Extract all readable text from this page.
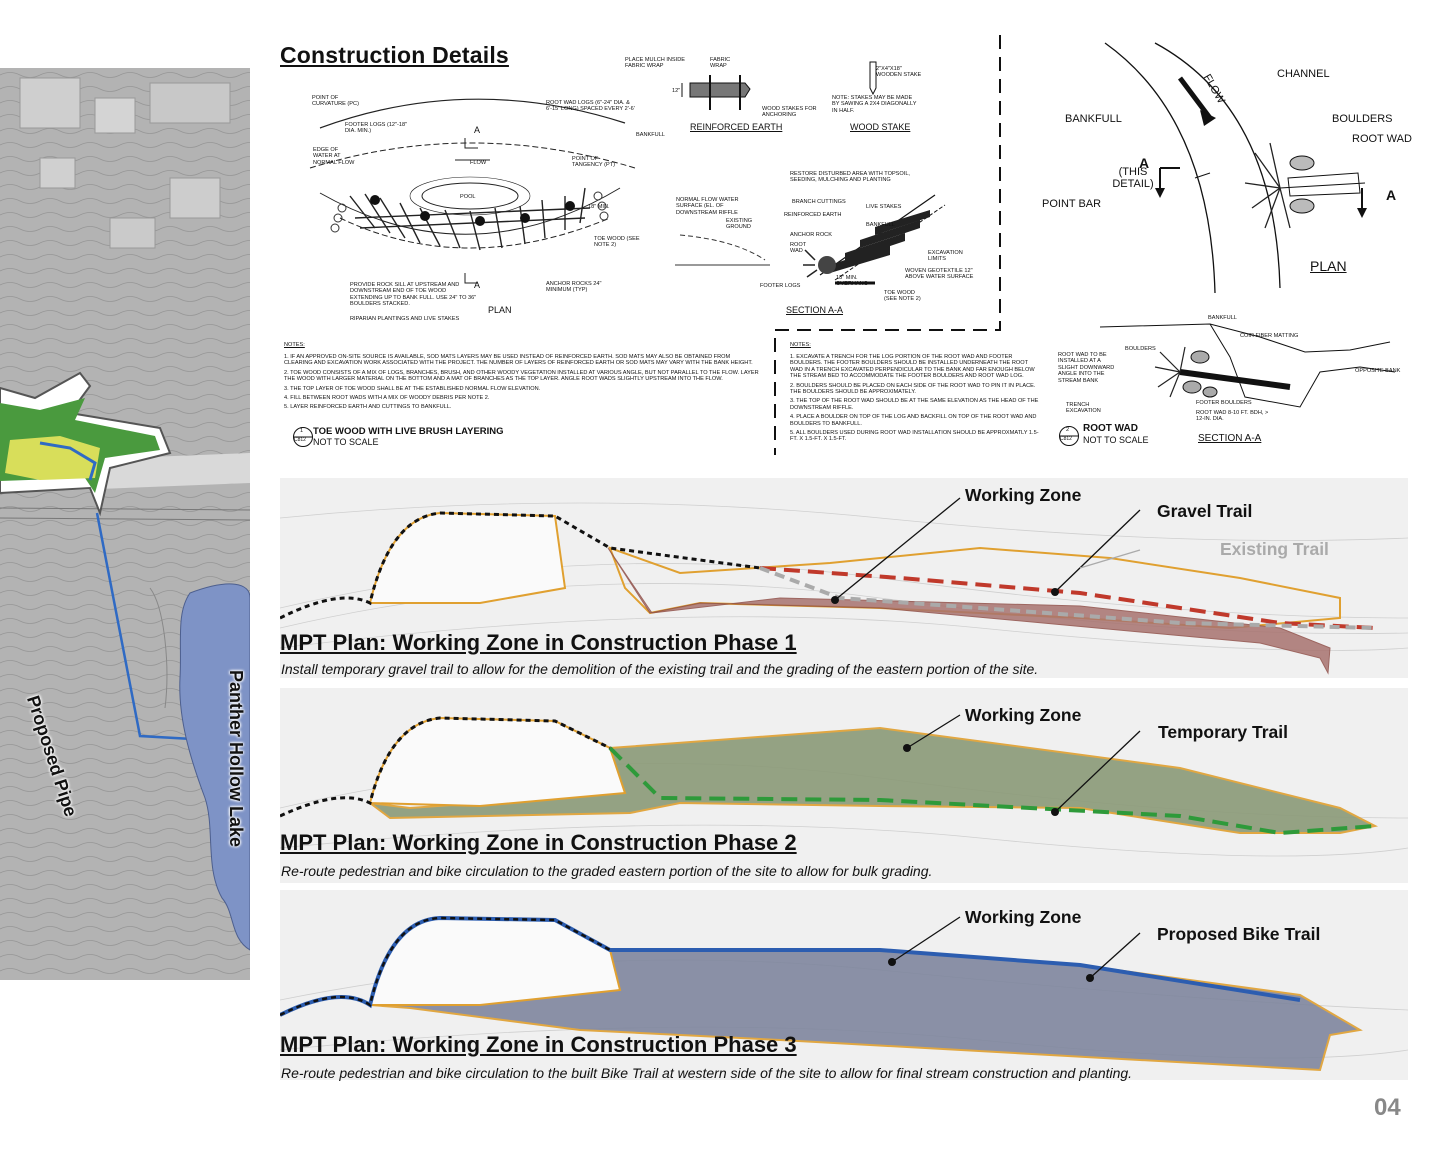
Proposed Pipe	Panther Hollow Lake
Construction Details
POINT OF CURVATURE (PC)
FOOTER LOGS (12"-18" DIA. MIN.)
EDGE OF WATER AT NORMAL FLOW
ROOT WAD LOGS (6"-24" DIA. & 6'-15' LONG) SPACED EVERY 2'-6'
BANKFULL
FLOW
POINT OF TANGENCY (PT)
POOL
18" MIN.
TOE WOOD (SEE NOTE 2)
PROVIDE ROCK SILL AT UPSTREAM AND DOWNSTREAM END OF TOE WOOD EXTENDING UP TO BANK FULL. USE 24" TO 36" BOULDERS STACKED.
ANCHOR ROCKS 24" MINIMUM (TYP)
RIPARIAN PLANTINGS AND LIVE STAKES
PLAN
A
A
PLACE MULCH INSIDE FABRIC WRAP
FABRIC WRAP
WOOD STAKES FOR ANCHORING
12"
REINFORCED EARTH
2"X4"X18" WOODEN STAKE
NOTE: STAKES MAY BE MADE BY SAWING A 2X4 DIAGONALLY IN HALF.
WOOD STAKE
RESTORE DISTURBED AREA WITH TOPSOIL, SEEDING, MULCHING AND PLANTING
NORMAL FLOW WATER SURFACE (EL. OF DOWNSTREAM RIFFLE
EXISTING GROUND
BRANCH CUTTINGS
LIVE STAKES
REINFORCED EARTH
BANKFULL
ANCHOR ROCK
ROOT WAD	EXCAVATION LIMITS
WOVEN GEOTEXTILE 12" ABOVE WATER SURFACE
18" MIN. OVERHANG
FOOTER LOGS
TOE WOOD (SEE NOTE 2)
SECTION A-A
NOTES:

1. IF AN APPROVED ON-SITE SOURCE IS AVAILABLE, SOD MATS LAYERS MAY BE USED INSTEAD OF REINFORCED EARTH. SOD MATS MAY ALSO BE OBTAINED FROM CLEARING AND EXCAVATION WORK ASSOCIATED WITH THE PROJECT. THE NUMBER OF LAYERS OF REINFORCED EARTH OR SOD MATS MAY VARY WITH THE BANK HEIGHT.

2. TOE WOOD CONSISTS OF A MIX OF LOGS, BRANCHES, BRUSH, AND OTHER WOODY VEGETATION INSTALLED AT VARIOUS ANGLE, BUT NOT PARALLEL TO THE FLOW. LAYER THE WOOD WITH LARGER MATERIAL ON THE BOTTOM AND A MAT OF BRANCHES AS THE TOP LAYER. ANGLE ROOT WADS SLIGHTLY UPSTREAM INTO THE FLOW.

3. THE TOP LAYER OF TOE WOOD SHALL BE AT THE ESTABLISHED NORMAL FLOW ELEVATION.

4. FILL BETWEEN ROOT WADS WITH A MIX OF WOODY DEBRIS PER NOTE 2.

5. LAYER REINFORCED EARTH AND CUTTINGS TO BANKFULL.

1
C812
TOE WOOD WITH LIVE BRUSH LAYERING
NOT TO SCALE
CHANNEL
FLOW
BANKFULL	BOULDERS
ROOT WAD
(THIS DETAIL)
POINT BAR
A
A
PLAN
NOTES:

1. EXCAVATE A TRENCH FOR THE LOG PORTION OF THE ROOT WAD AND FOOTER BOULDERS. THE FOOTER BOULDERS SHOULD BE INSTALLED UNDERNEATH THE ROOT WAD IN A TRENCH EXCAVATED PERPENDICULAR TO THE BANK AND FAR ENOUGH BELOW THE STREAM BED TO ACCOMMODATE THE FOOTER BOULDERS AND ROOT WAD LOG.

2. BOULDERS SHOULD BE PLACED ON EACH SIDE OF THE ROOT WAD TO PIN IT IN PLACE. THE BOULDERS SHOULD BE APPROXIMATELY.

3. THE TOP OF THE ROOT WAD SHOULD BE AT THE SAME ELEVATION AS THE HEAD OF THE DOWNSTREAM RIFFLE.

4. PLACE A BOULDER ON TOP OF THE LOG AND BACKFILL ON TOP OF THE ROOT WAD AND BOULDERS TO BANKFULL.

5. ALL BOULDERS USED DURING ROOT WAD INSTALLATION SHOULD BE APPROXMATLY 1.5-FT. X 1.5-FT. X 1.5-FT.

BANKFULL
COIR FIBER MATTING
ROOT WAD TO BE INSTALLED AT A SLIGHT DOWNWARD ANGLE INTO THE STREAM BANK
BOULDERS
OPPOSITE BANK
TRENCH EXCAVATION
FOOTER BOULDERS
ROOT WAD 8-10 FT. BDH, > 12-IN. DIA.
2
C812
ROOT WAD
NOT TO SCALE	SECTION A-A
Working Zone
Gravel Trail
Existing Trail
MPT Plan: Working Zone in Construction Phase 1
Install temporary gravel trail to allow for the demolition of the existing trail and the grading of the eastern portion of the site.
Working Zone
Temporary Trail
MPT Plan: Working Zone in Construction Phase 2
Re-route pedestrian and bike circulation to the graded eastern portion of the site to allow for bulk grading.
Working Zone
Proposed Bike Trail
MPT Plan: Working Zone in Construction Phase 3
Re-route pedestrian and bike circulation to the built Bike Trail at western side of the site to allow for final stream construction and planting.
04
